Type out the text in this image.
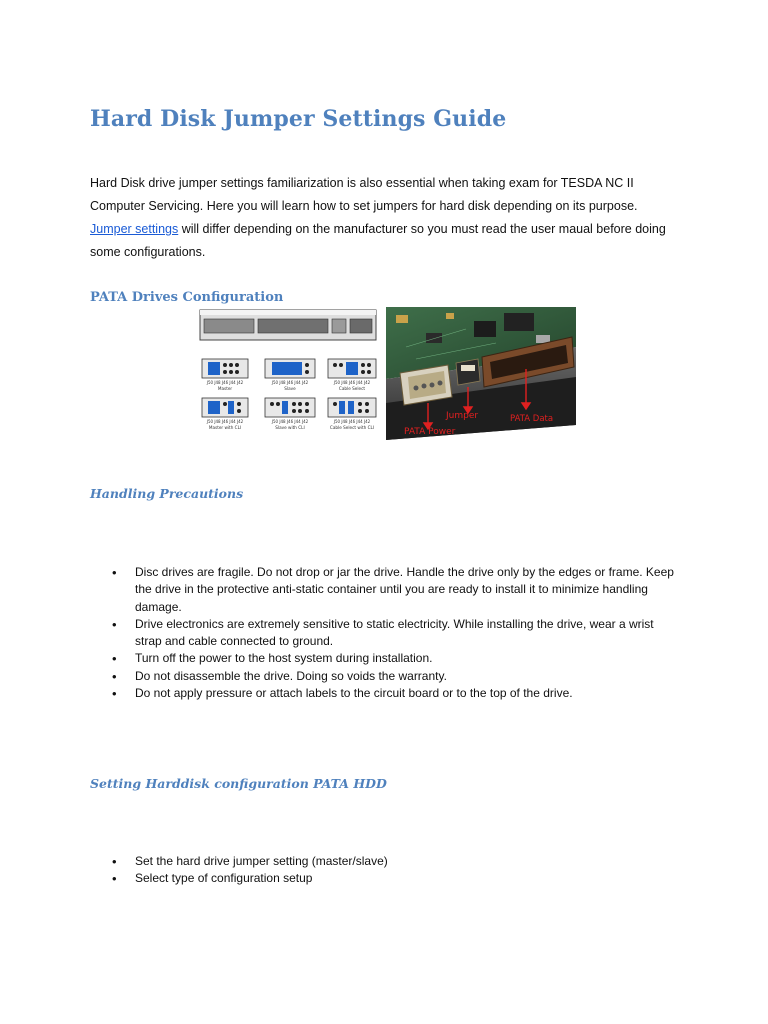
Hard Disk Jumper Settings Guide

Hard Disk drive jumper settings familiarization is also essential when taking exam for TESDA NC II Computer Servicing. Here you will learn how to set jumpers for hard disk depending on its purpose. Jumper settings will differ depending on the manufacturer so you must read the user maual before doing some configurations.

PATA Drives Configuration
J50 J48 J46 J44 J42	J50 J48 J46 J44 J42	J50 J48 J46 J44 J42
Master	Slave	Cable Select
J50 J48 J46 J44 J42	J50 J48 J46 J44 J42	J50 J48 J46 J44 J42
Master with CLI	Slave with CLI	Cable Select with CLI
Jumper	PATA Data
PATA Power
Handling Precautions
• Disc drives are fragile. Do not drop or jar the drive. Handle the drive only by the edges or frame. Keep the drive in the protective anti-static container until you are ready to install it to minimize handling damage.
• Drive electronics are extremely sensitive to static electricity. While installing the drive, wear a wrist strap and cable connected to ground.
• Turn off the power to the host system during installation.
• Do not disassemble the drive. Doing so voids the warranty.
• Do not apply pressure or attach labels to the circuit board or to the top of the drive.
Setting Harddisk configuration PATA HDD
• Set the hard drive jumper setting (master/slave)
• Select type of configuration setup
